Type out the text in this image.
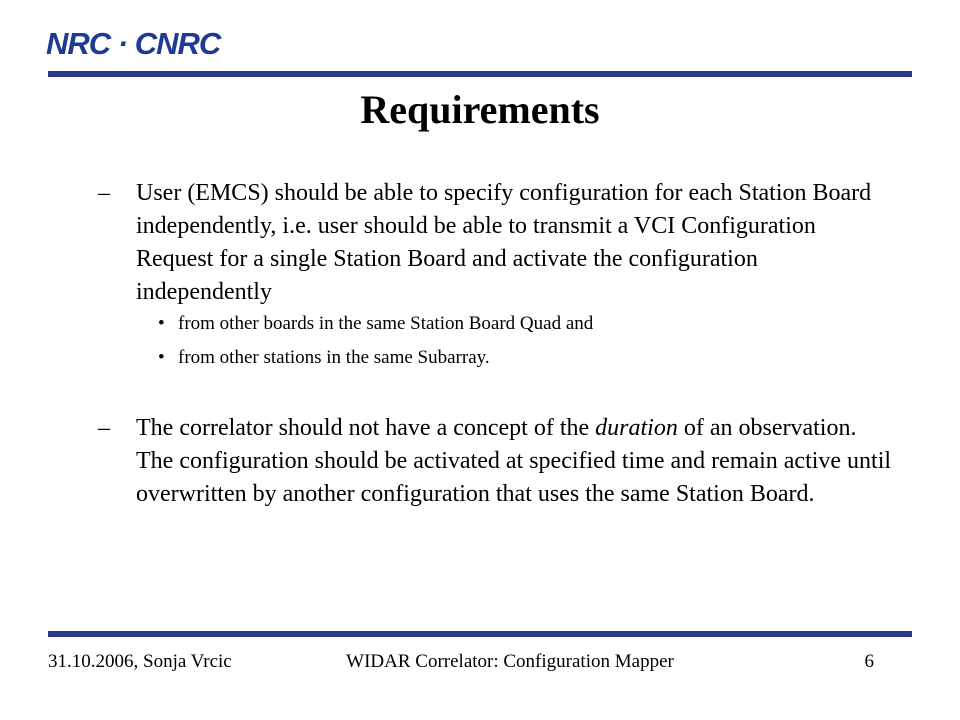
NRC · CNRC
Requirements
–	User (EMCS) should be able to specify configuration for each Station Board independently, i.e. user should be able to transmit a VCI Configuration Request for a single Station Board and activate the configuration independently
• from other boards in the same Station Board Quad and
• from other stations in the same Subarray.
–	The correlator should not have a concept of the duration of an observation. The configuration should be activated at specified time and remain active until overwritten by another configuration that uses the same Station Board.
31.10.2006, Sonja Vrcic	WIDAR Correlator: Configuration Mapper	6
